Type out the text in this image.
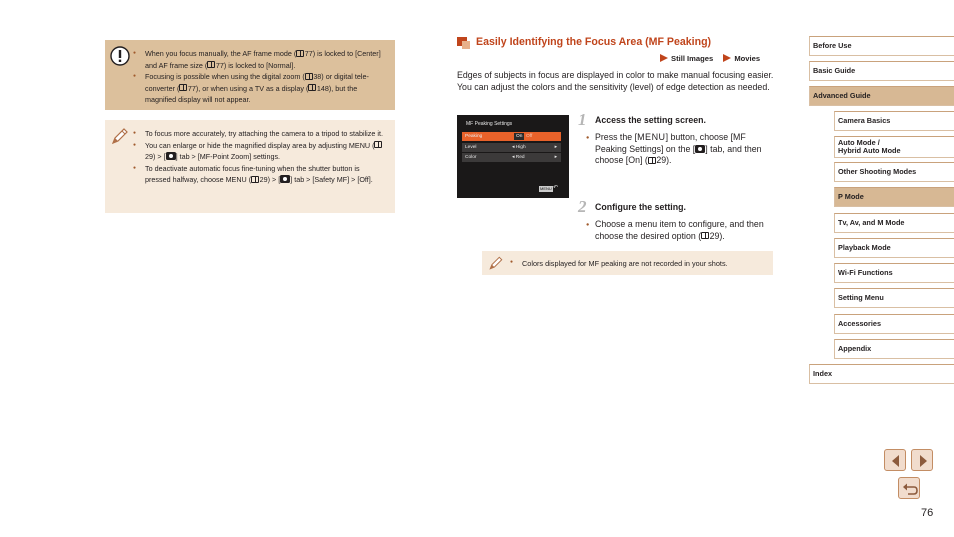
● When you focus manually, the AF frame mode ( 77) is locked to [Center] and AF frame size ( 77) is locked to [Normal].
● Focusing is possible when using the digital zoom ( 38) or digital tele-converter ( 77), or when using a TV as a display ( 148), but the magnified display will not appear.
● To focus more accurately, try attaching the camera to a tripod to stabilize it.
● You can enlarge or hide the magnified display area by adjusting MENU (29) > [ ] tab > [MF-Point Zoom] settings.
● To deactivate automatic focus fine-tuning when the shutter button is pressed halfway, choose MENU ( 29) > [ ] tab > [Safety MF] > [Off].
Easily Identifying the Focus Area (MF Peaking)
Still Images	Movies
Edges of subjects in focus are displayed in color to make manual focusing easier. You can adjust the colors and the sensitivity (level) of edge detection as needed.
MF Peaking Settings
Peaking	On Off
Level	◂ High	▸
Color	◂ Red	▸
MENU ↶
1 Access the setting screen.
● Press the [MENU] button, choose [MF Peaking Settings] on the [ ] tab, and then choose [On] ( 29).
2 Configure the setting.
● Choose a menu item to configure, and then choose the desired option ( 29).
● Colors displayed for MF peaking are not recorded in your shots.
Before Use
Basic Guide
Advanced Guide
Camera Basics
Auto Mode /
Hybrid Auto Mode
Other Shooting Modes
P Mode
Tv, Av, and M Mode
Playback Mode
Wi-Fi Functions
Setting Menu
Accessories
Appendix
Index
76
